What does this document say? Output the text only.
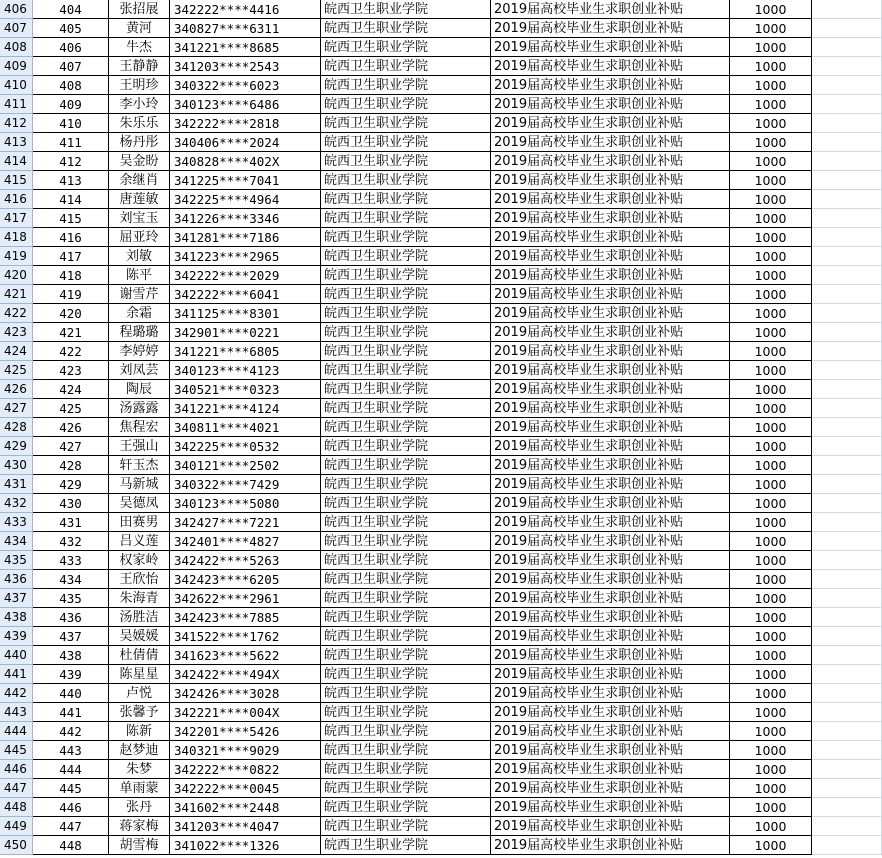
406	404	张招展	342222****4416	皖西卫生职业学院	2019届高校毕业生求职创业补贴	1000
407	405	黄河	340827****6311	皖西卫生职业学院	2019届高校毕业生求职创业补贴	1000
408	406	牛杰	341221****8685	皖西卫生职业学院	2019届高校毕业生求职创业补贴	1000
409	407	王静静	341203****2543	皖西卫生职业学院	2019届高校毕业生求职创业补贴	1000
410	408	王明珍	340322****6023	皖西卫生职业学院	2019届高校毕业生求职创业补贴	1000
411	409	李小玲	340123****6486	皖西卫生职业学院	2019届高校毕业生求职创业补贴	1000
412	410	朱乐乐	342222****2818	皖西卫生职业学院	2019届高校毕业生求职创业补贴	1000
413	411	杨丹彤	340406****2024	皖西卫生职业学院	2019届高校毕业生求职创业补贴	1000
414	412	吴金盼	340828****402X	皖西卫生职业学院	2019届高校毕业生求职创业补贴	1000
415	413	余继肖	341225****7041	皖西卫生职业学院	2019届高校毕业生求职创业补贴	1000
416	414	唐莲敏	342225****4964	皖西卫生职业学院	2019届高校毕业生求职创业补贴	1000
417	415	刘宝玉	341226****3346	皖西卫生职业学院	2019届高校毕业生求职创业补贴	1000
418	416	屈亚玲	341281****7186	皖西卫生职业学院	2019届高校毕业生求职创业补贴	1000
419	417	刘敏	341223****2965	皖西卫生职业学院	2019届高校毕业生求职创业补贴	1000
420	418	陈平	342222****2029	皖西卫生职业学院	2019届高校毕业生求职创业补贴	1000
421	419	谢雪芹	342222****6041	皖西卫生职业学院	2019届高校毕业生求职创业补贴	1000
422	420	余霜	341125****8301	皖西卫生职业学院	2019届高校毕业生求职创业补贴	1000
423	421	程璐璐	342901****0221	皖西卫生职业学院	2019届高校毕业生求职创业补贴	1000
424	422	李婷婷	341221****6805	皖西卫生职业学院	2019届高校毕业生求职创业补贴	1000
425	423	刘凤芸	340123****4123	皖西卫生职业学院	2019届高校毕业生求职创业补贴	1000
426	424	陶辰	340521****0323	皖西卫生职业学院	2019届高校毕业生求职创业补贴	1000
427	425	汤露露	341221****4124	皖西卫生职业学院	2019届高校毕业生求职创业补贴	1000
428	426	焦程宏	340811****4021	皖西卫生职业学院	2019届高校毕业生求职创业补贴	1000
429	427	王强山	342225****0532	皖西卫生职业学院	2019届高校毕业生求职创业补贴	1000
430	428	轩玉杰	340121****2502	皖西卫生职业学院	2019届高校毕业生求职创业补贴	1000
431	429	马新城	340322****7429	皖西卫生职业学院	2019届高校毕业生求职创业补贴	1000
432	430	吴德凤	340123****5080	皖西卫生职业学院	2019届高校毕业生求职创业补贴	1000
433	431	田赛男	342427****7221	皖西卫生职业学院	2019届高校毕业生求职创业补贴	1000
434	432	吕义莲	342401****4827	皖西卫生职业学院	2019届高校毕业生求职创业补贴	1000
435	433	权家岭	342422****5263	皖西卫生职业学院	2019届高校毕业生求职创业补贴	1000
436	434	王欣怡	342423****6205	皖西卫生职业学院	2019届高校毕业生求职创业补贴	1000
437	435	朱海青	342622****2961	皖西卫生职业学院	2019届高校毕业生求职创业补贴	1000
438	436	汤胜洁	342423****7885	皖西卫生职业学院	2019届高校毕业生求职创业补贴	1000
439	437	吴媛媛	341522****1762	皖西卫生职业学院	2019届高校毕业生求职创业补贴	1000
440	438	杜倩倩	341623****5622	皖西卫生职业学院	2019届高校毕业生求职创业补贴	1000
441	439	陈星星	342422****494X	皖西卫生职业学院	2019届高校毕业生求职创业补贴	1000
442	440	卢悦	342426****3028	皖西卫生职业学院	2019届高校毕业生求职创业补贴	1000
443	441	张馨予	342221****004X	皖西卫生职业学院	2019届高校毕业生求职创业补贴	1000
444	442	陈新	342201****5426	皖西卫生职业学院	2019届高校毕业生求职创业补贴	1000
445	443	赵梦迪	340321****9029	皖西卫生职业学院	2019届高校毕业生求职创业补贴	1000
446	444	朱梦	342222****0822	皖西卫生职业学院	2019届高校毕业生求职创业补贴	1000
447	445	单雨蒙	342222****0045	皖西卫生职业学院	2019届高校毕业生求职创业补贴	1000
448	446	张丹	341602****2448	皖西卫生职业学院	2019届高校毕业生求职创业补贴	1000
449	447	蒋家梅	341203****4047	皖西卫生职业学院	2019届高校毕业生求职创业补贴	1000
450	448	胡雪梅	341022****1326	皖西卫生职业学院	2019届高校毕业生求职创业补贴	1000
